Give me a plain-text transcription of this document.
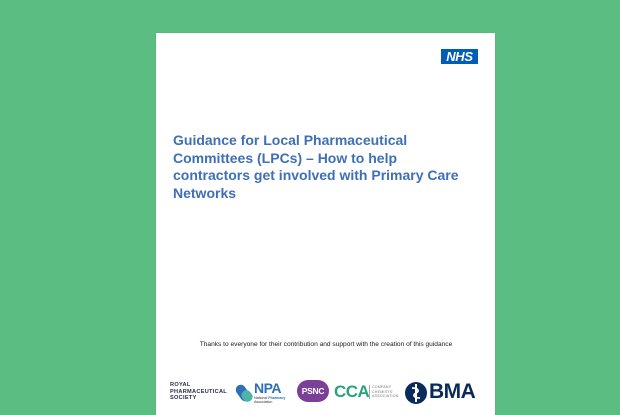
NHS
Guidance for Local Pharmaceutical Committees (LPCs) – How to help contractors get involved with Primary Care Networks

Thanks to everyone for their contribution and support with the creation of this guidance

ROYAL
PHARMACEUTICAL
SOCIETY
NPA
National Pharmacy
Association
PSNC CCA COMPANY
CHEMISTS'
ASSOCIATION BMA
